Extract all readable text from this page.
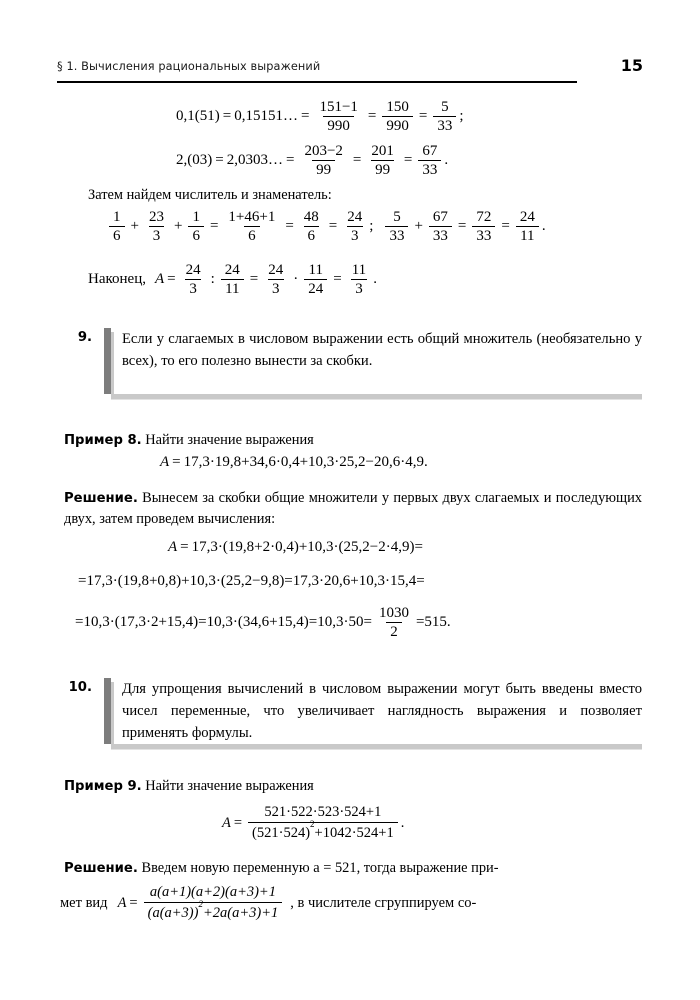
§ 1. Вычисления рациональных выражений	15
0,1(51) = 0,15151… = $\frac{151-1}{990} = \frac{150}{990} = \frac{5}{33}$ ;
2,(03) = 2,0303… = $\frac{203-2}{99} = \frac{201}{99} = \frac{67}{33}$ .
Затем найдем числитель и знаменатель:
$\frac{1}{6} + \frac{23}{3} + \frac{1}{6} = \frac{1+46+1}{6} = \frac{48}{6} = \frac{24}{3}$ ; $\frac{5}{33} + \frac{67}{33} = \frac{72}{33} = \frac{24}{11}$ .
Наконец, $A = \frac{24}{3}$ : $\frac{24}{11} = \frac{24}{3} \cdot \frac{11}{24} = \frac{11}{3}$ .
9. Если у слагаемых в числовом выражении есть общий множитель (необязательно у всех), то его полезно вынести за скобки.
Пример 8. Найти значение выражения
A = 17,3·19,8+34,6·0,4+10,3·25,2−20,6·4,9.
Решение. Вынесем за скобки общие множители у первых двух слагаемых и последующих двух, затем проведем вычисления:
A = 17,3·(19,8+2·0,4)+10,3·(25,2−2·4,9)=
=17,3·(19,8+0,8)+10,3·(25,2−9,8)=17,3·20,6+10,3·15,4=
$=10,3\cdot(17,3\cdot 2+15,4)=10,3\cdot(34,6+15,4)=10,3\cdot 50= \frac{1030}{2} =515$.
10. Для упрощения вычислений в числовом выражении могут быть введены вместо чисел переменные, что увеличивает наглядность выражения и позволяет применять формулы.
Пример 9. Найти значение выражения
$A = \frac{521\cdot 522\cdot 523\cdot 524+1}{(521\cdot 524)^2+1042\cdot 524+1}$ .
Решение. Введем новую переменную a = 521, тогда выражение при-
мет вид $A = \frac{a(a+1)(a+2)(a+3)+1}{(a(a+3))^2+2a(a+3)+1}$ , в числителе сгруппируем со-
